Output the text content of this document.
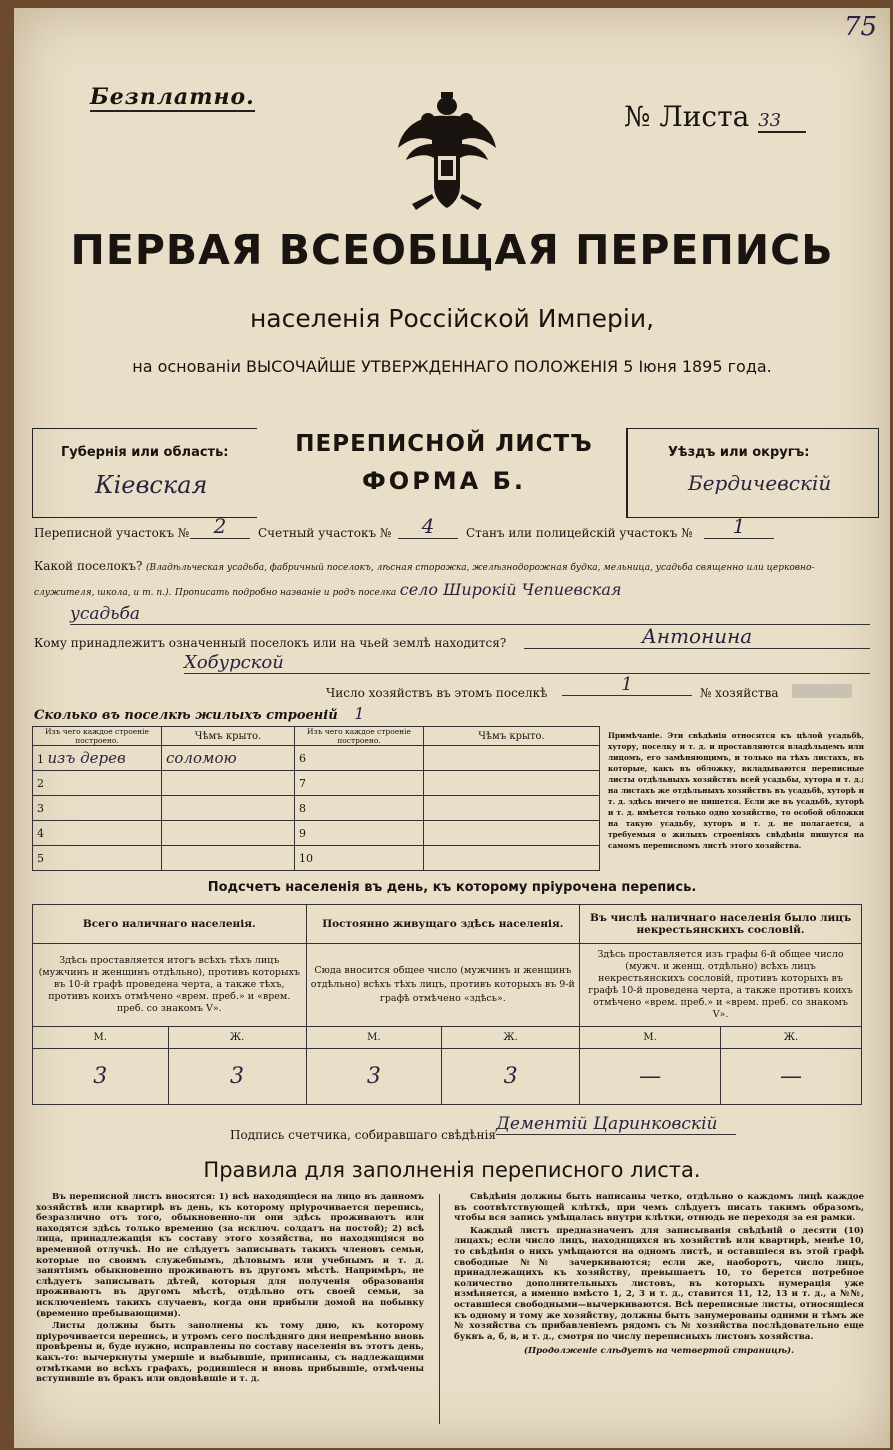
Безплатно.
75
№ Листа 33
ПЕРВАЯ ВСЕОБЩАЯ ПЕРЕПИСЬ
населенія Россійской Имперіи,
на основаніи ВЫСОЧАЙШЕ УТВЕРЖДЕННАГО ПОЛОЖЕНІЯ 5 Іюня 1895 года.
Губернія или область:
Кіевская
ПЕРЕПИСНОЙ ЛИСТЪ
ФОРМА Б.
Уѣздъ или округъ:
Бердичевскій
Переписной участокъ №	2	Счетный участокъ №	4	Станъ или полицейскій участокъ №	1
Какой поселокъ? (Владѣльческая усадьба, фабричный поселокъ, лѣсная сторожка, желѣзнодорожная будка, мельница, усадьба священно или церковно-служителя, школа, и т. п.). Прописать подробно названіе и родъ поселка село Широкій Чепиевская
усадьба
Кому принадлежитъ означенный поселокъ или на чьей землѣ находится?	Антонина
Хобурской
Число хозяйствъ въ этомъ поселкѣ	1	№ хозяйства
Сколько въ поселкѣ жилыхъ строеній 1
Изъ чего каждое строеніе построено.	Чѣмъ крыто.	Изъ чего каждое строеніе построено.	Чѣмъ крыто.
1 изъ дерев	соломою	6	
2		7	
3		8	
4		9	
5		10	
Примѣчаніе. Эти свѣдѣнія относятся къ цѣлой усадьбѣ, хутору, поселку и т. д. и проставляются владѣльцемъ или лицомъ, его замѣняющимъ, и только на тѣхъ листахъ, въ которые, какъ въ обложку, вкладываются переписные листы отдѣльныхъ хозяйствъ всей усадьбы, хутора и т. д.; на листахъ же отдѣльныхъ хозяйствъ въ усадьбѣ, хуторѣ и т. д. здѣсь ничего не пишется. Если же въ усадьбѣ, хуторѣ и т. д. имѣется только одно хозяйство, то особой обложки на такую усадьбу, хуторъ и т. д. не полагается, а требуемыя о жилыхъ строеніяхъ свѣдѣнія пишутся на самомъ переписномъ листѣ этого хозяйства.
Подсчетъ населенія въ день, къ которому пріурочена перепись.
Всего наличнаго населенія.		Постоянно живущаго здѣсь населенія.		Въ числѣ наличнаго населенія было лицъ некрестьянскихъ сословій.	
Здѣсь проставляется итогъ всѣхъ тѣхъ лицъ (мужчинъ и женщинъ отдѣльно), противъ которыхъ въ 10-й графѣ проведена черта, а также тѣхъ, противъ коихъ отмѣчено «врем. преб.» и «врем. преб. со знакомъ V».		Сюда вносится общее число (мужчинъ и женщинъ отдѣльно) всѣхъ тѣхъ лицъ, противъ которыхъ въ 9-й графѣ отмѣчено «здѣсь».		Здѣсь проставляется изъ графы 6-й общее число (мужч. и женщ. отдѣльно) всѣхъ лицъ некрестьянскихъ сословій, противъ которыхъ въ графѣ 10-й проведена черта, а также противъ коихъ отмѣчено «врем. преб.» и «врем. преб. со знакомъ V».	
М.	Ж.	М.	Ж.	М.	Ж.
3	3	3	3	—	—
Подпись счетчика, собиравшаго свѣдѣнія
Дементій Царинковскій
Правила для заполненія переписного листа.

Въ переписной листъ вносятся: 1) всѣ находящіеся на лицо въ данномъ хозяйствѣ или квартирѣ въ день, къ которому пріурочивается перепись, безразлично отъ того, обыкновенно-ли они здѣсь проживаютъ или находятся здѣсь только временно (за исключ. солдатъ на постой); 2) всѣ лица, принадлежащія къ составу этого хозяйства, но находящіяся во временной отлучкѣ. Но не слѣдуетъ записывать такихъ членовъ семьи, которые по своимъ служебнымъ, дѣловымъ или учебнымъ и т. д. занятіямъ обыкновенно проживаютъ въ другомъ мѣстѣ. Напримѣръ, не слѣдуетъ записывать дѣтей, которыя для полученія образованія проживаютъ въ другомъ мѣстѣ, отдѣльно отъ своей семьи, за исключеніемъ такихъ случаевъ, когда они прибыли домой на побывку (временно пребывающими).

Листы должны быть заполнены къ тому дню, къ которому пріурочивается перепись, и утромъ сего послѣдняго дня непремѣнно вновь провѣрены и, буде нужно, исправлены по составу населенія въ этотъ день, какъ-то: вычеркнуты умершіе и выбывшіе, приписаны, съ надлежащими отмѣтками во всѣхъ графахъ, родившіеся и вновь прибывшіе, отмѣчены вступившіе въ бракъ или овдовѣвшіе и т. д.

Свѣдѣнія должны быть написаны четко, отдѣльно о каждомъ лицѣ каждое въ соотвѣтствующей клѣткѣ, при чемъ слѣдуетъ писать такимъ образомъ, чтобы вся запись умѣщалась внутри клѣтки, отнюдь не переходя за ея рамки.

Каждый листъ предназначенъ для записыванія свѣдѣній о десяти (10) лицахъ; если число лицъ, находящихся въ хозяйствѣ или квартирѣ, менѣе 10, то свѣдѣнія о нихъ умѣщаются на одномъ листѣ, и оставшіеся въ этой графѣ свободные №№ зачеркиваются; если же, наоборотъ, число лицъ, принадлежащихъ къ хозяйству, превышаетъ 10, то берется потребное количество дополнительныхъ листовъ, въ которыхъ нумерація уже измѣняется, а именно вмѣсто 1, 2, 3 и т. д., ставится 11, 12, 13 и т. д., а №№, оставшіеся свободными—вычеркиваются. Всѣ переписные листы, относящіеся къ одному и тому же хозяйству, должны быть занумерованы одними и тѣмъ же № хозяйства съ прибавленіемъ рядомъ съ № хозяйства послѣдовательно еще буквъ а, б, в, и т. д., смотря по числу переписныхъ листовъ хозяйства.

(Продолженіе слѣдуетъ на четвертой страницѣ).
